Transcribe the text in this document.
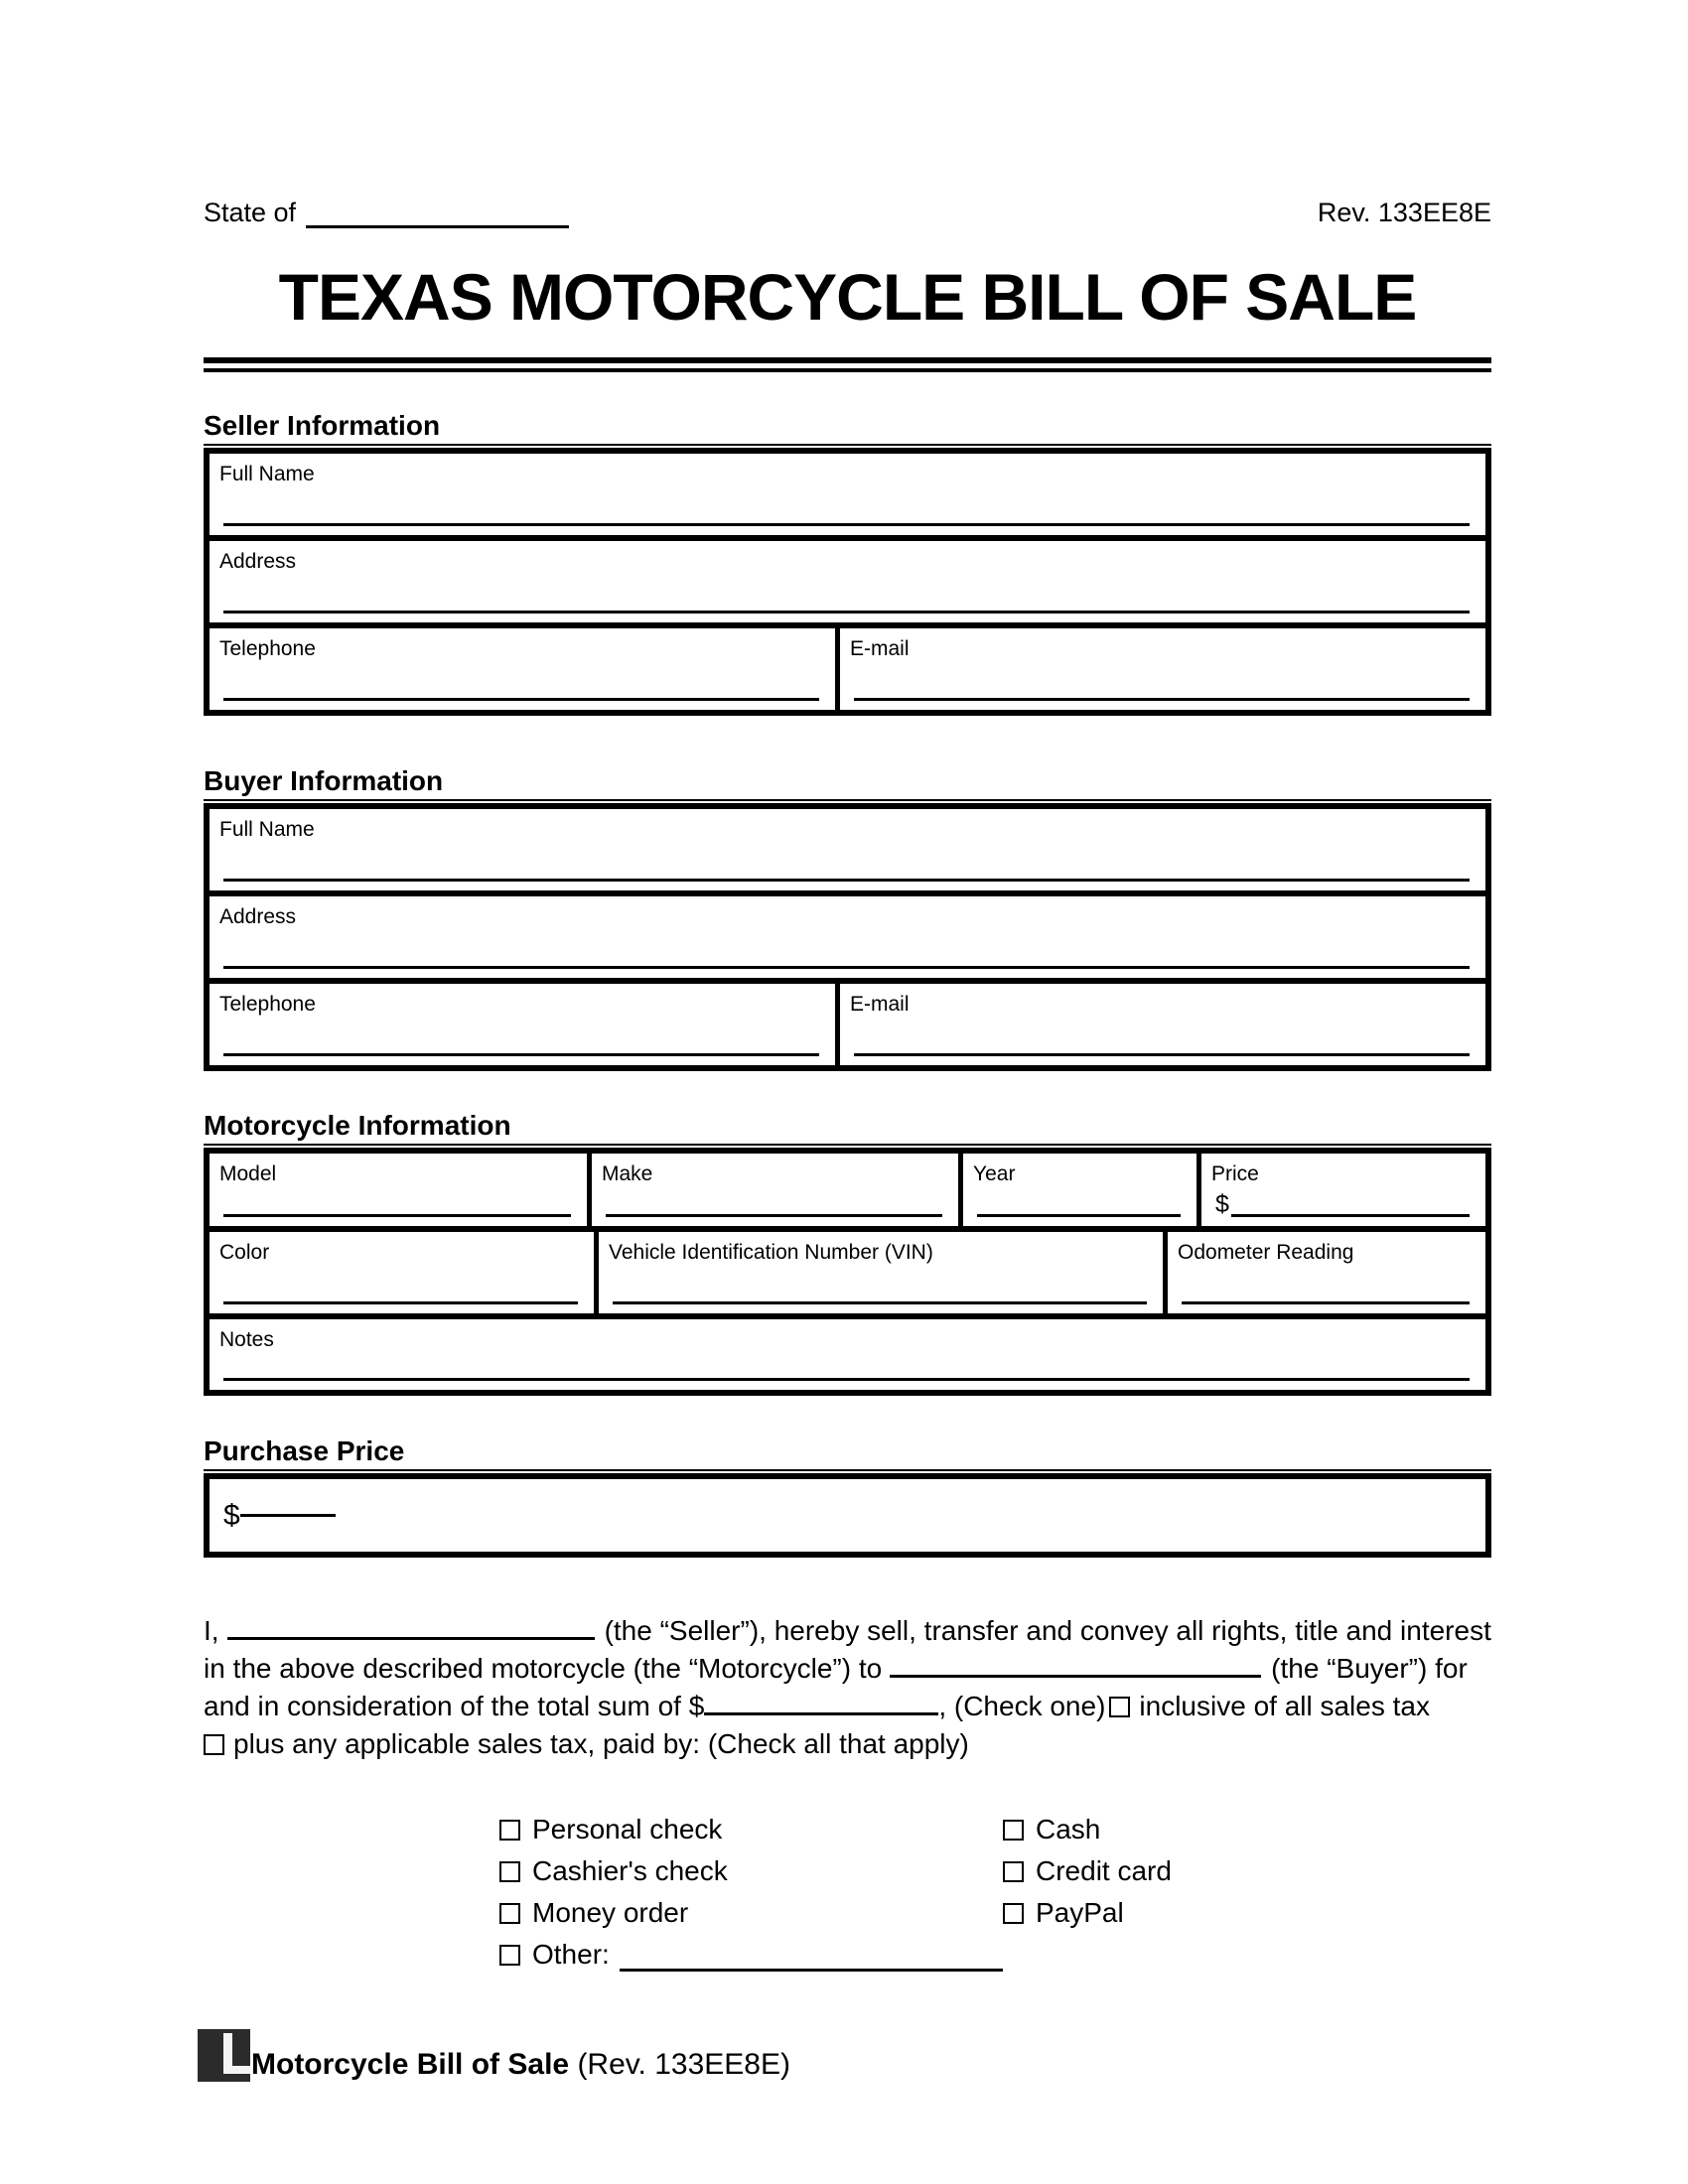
State of	Rev. 133EE8E
TEXAS MOTORCYCLE BILL OF SALE
Seller Information
Full Name
Address
Telephone	E-mail
Buyer Information
Full Name
Address
Telephone	E-mail
Motorcycle Information
Model	Make	Year	Price
$
Color	Vehicle Identification Number (VIN)	Odometer Reading
Notes
Purchase Price
$
I,	(the “Seller”), hereby sell, transfer and convey all rights, title and interest
in the above described motorcycle (the “Motorcycle”) to	(the “Buyer”) for
and in consideration of the total sum of $	, (Check one) inclusive of all sales tax
plus any applicable sales tax, paid by: (Check all that apply)
Personal check
Cashier's check
Money order
Other:
Cash
Credit card
PayPal
Motorcycle Bill of Sale (Rev. 133EE8E)
